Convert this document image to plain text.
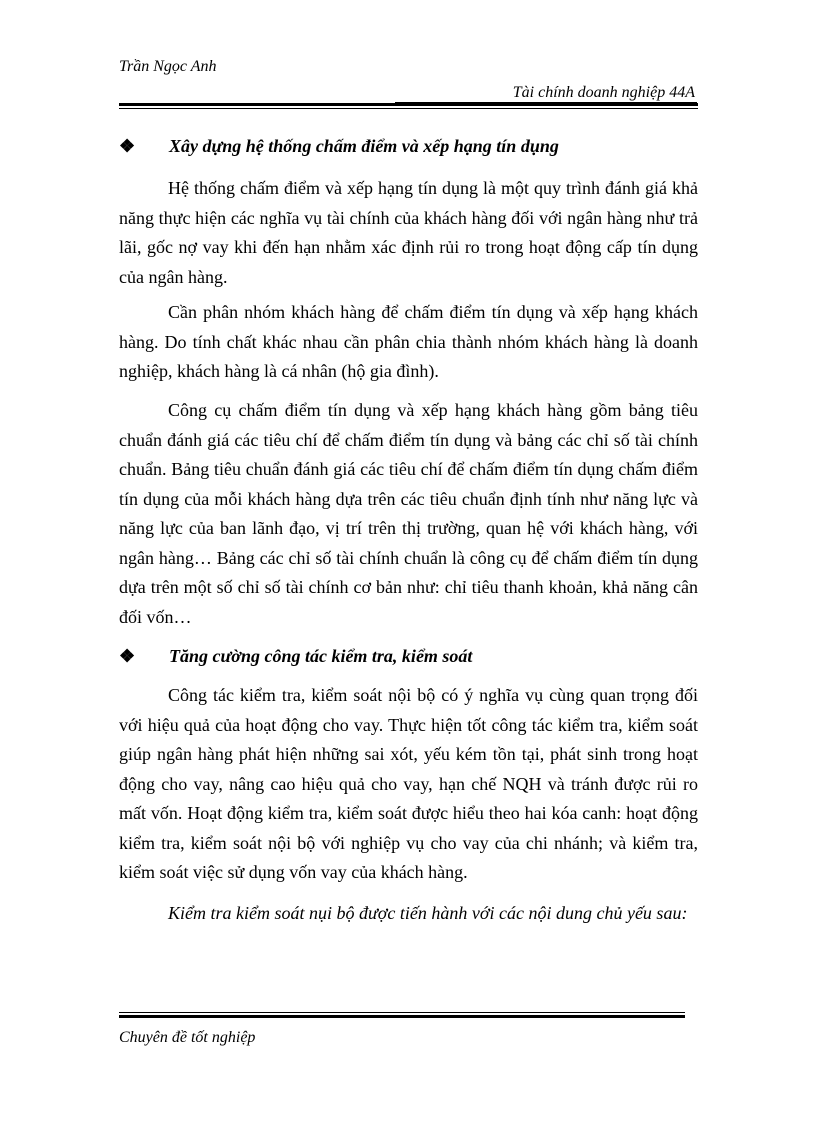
Trần Ngọc Anh
Tài chính doanh nghiệp 44A
❖	Xây dựng hệ thống chấm điểm và xếp hạng tín dụng

Hệ thống chấm điểm và xếp hạng tín dụng là một quy trình đánh giá khả năng thực hiện các nghĩa vụ tài chính của khách hàng đối với ngân hàng như trả lãi, gốc nợ vay khi đến hạn nhằm xác định rủi ro trong hoạt động cấp tín dụng của ngân hàng.

Cần phân nhóm khách hàng để chấm điểm tín dụng và xếp hạng khách hàng. Do tính chất khác nhau cần phân chia thành nhóm khách hàng là doanh nghiệp, khách hàng là cá nhân (hộ gia đình).

Công cụ chấm điểm tín dụng và xếp hạng khách hàng gồm bảng tiêu chuẩn đánh giá các tiêu chí để chấm điểm tín dụng và bảng các chỉ số tài chính chuẩn. Bảng tiêu chuẩn đánh giá các tiêu chí để chấm điểm tín dụng chấm điểm tín dụng của mỗi khách hàng dựa trên các tiêu chuẩn định tính như năng lực và năng lực của ban lãnh đạo, vị trí trên thị trường, quan hệ với khách hàng, với ngân hàng… Bảng các chỉ số tài chính chuẩn là công cụ để chấm điểm tín dụng dựa trên một số chỉ số tài chính cơ bản như: chỉ tiêu thanh khoản, khả năng cân đối vốn…

❖	Tăng cường công tác kiểm tra, kiểm soát

Công tác kiểm tra, kiểm soát nội bộ có ý nghĩa vụ cùng quan trọng đối với hiệu quả của hoạt động cho vay. Thực hiện tốt công tác kiểm tra, kiểm soát giúp ngân hàng phát hiện những sai xót, yếu kém tồn tại, phát sinh trong hoạt động cho vay, nâng cao hiệu quả cho vay, hạn chế NQH và tránh được rủi ro mất vốn. Hoạt động kiểm tra, kiểm soát được hiểu theo hai kóa canh: hoạt động kiểm tra, kiểm soát nội bộ với nghiệp vụ cho vay của chi nhánh; và kiểm tra, kiểm soát việc sử dụng vốn vay của khách hàng.

Kiểm tra kiểm soát nụi bộ được tiến hành với các nội dung chủ yếu sau:

Chuyên đề tốt nghiệp
